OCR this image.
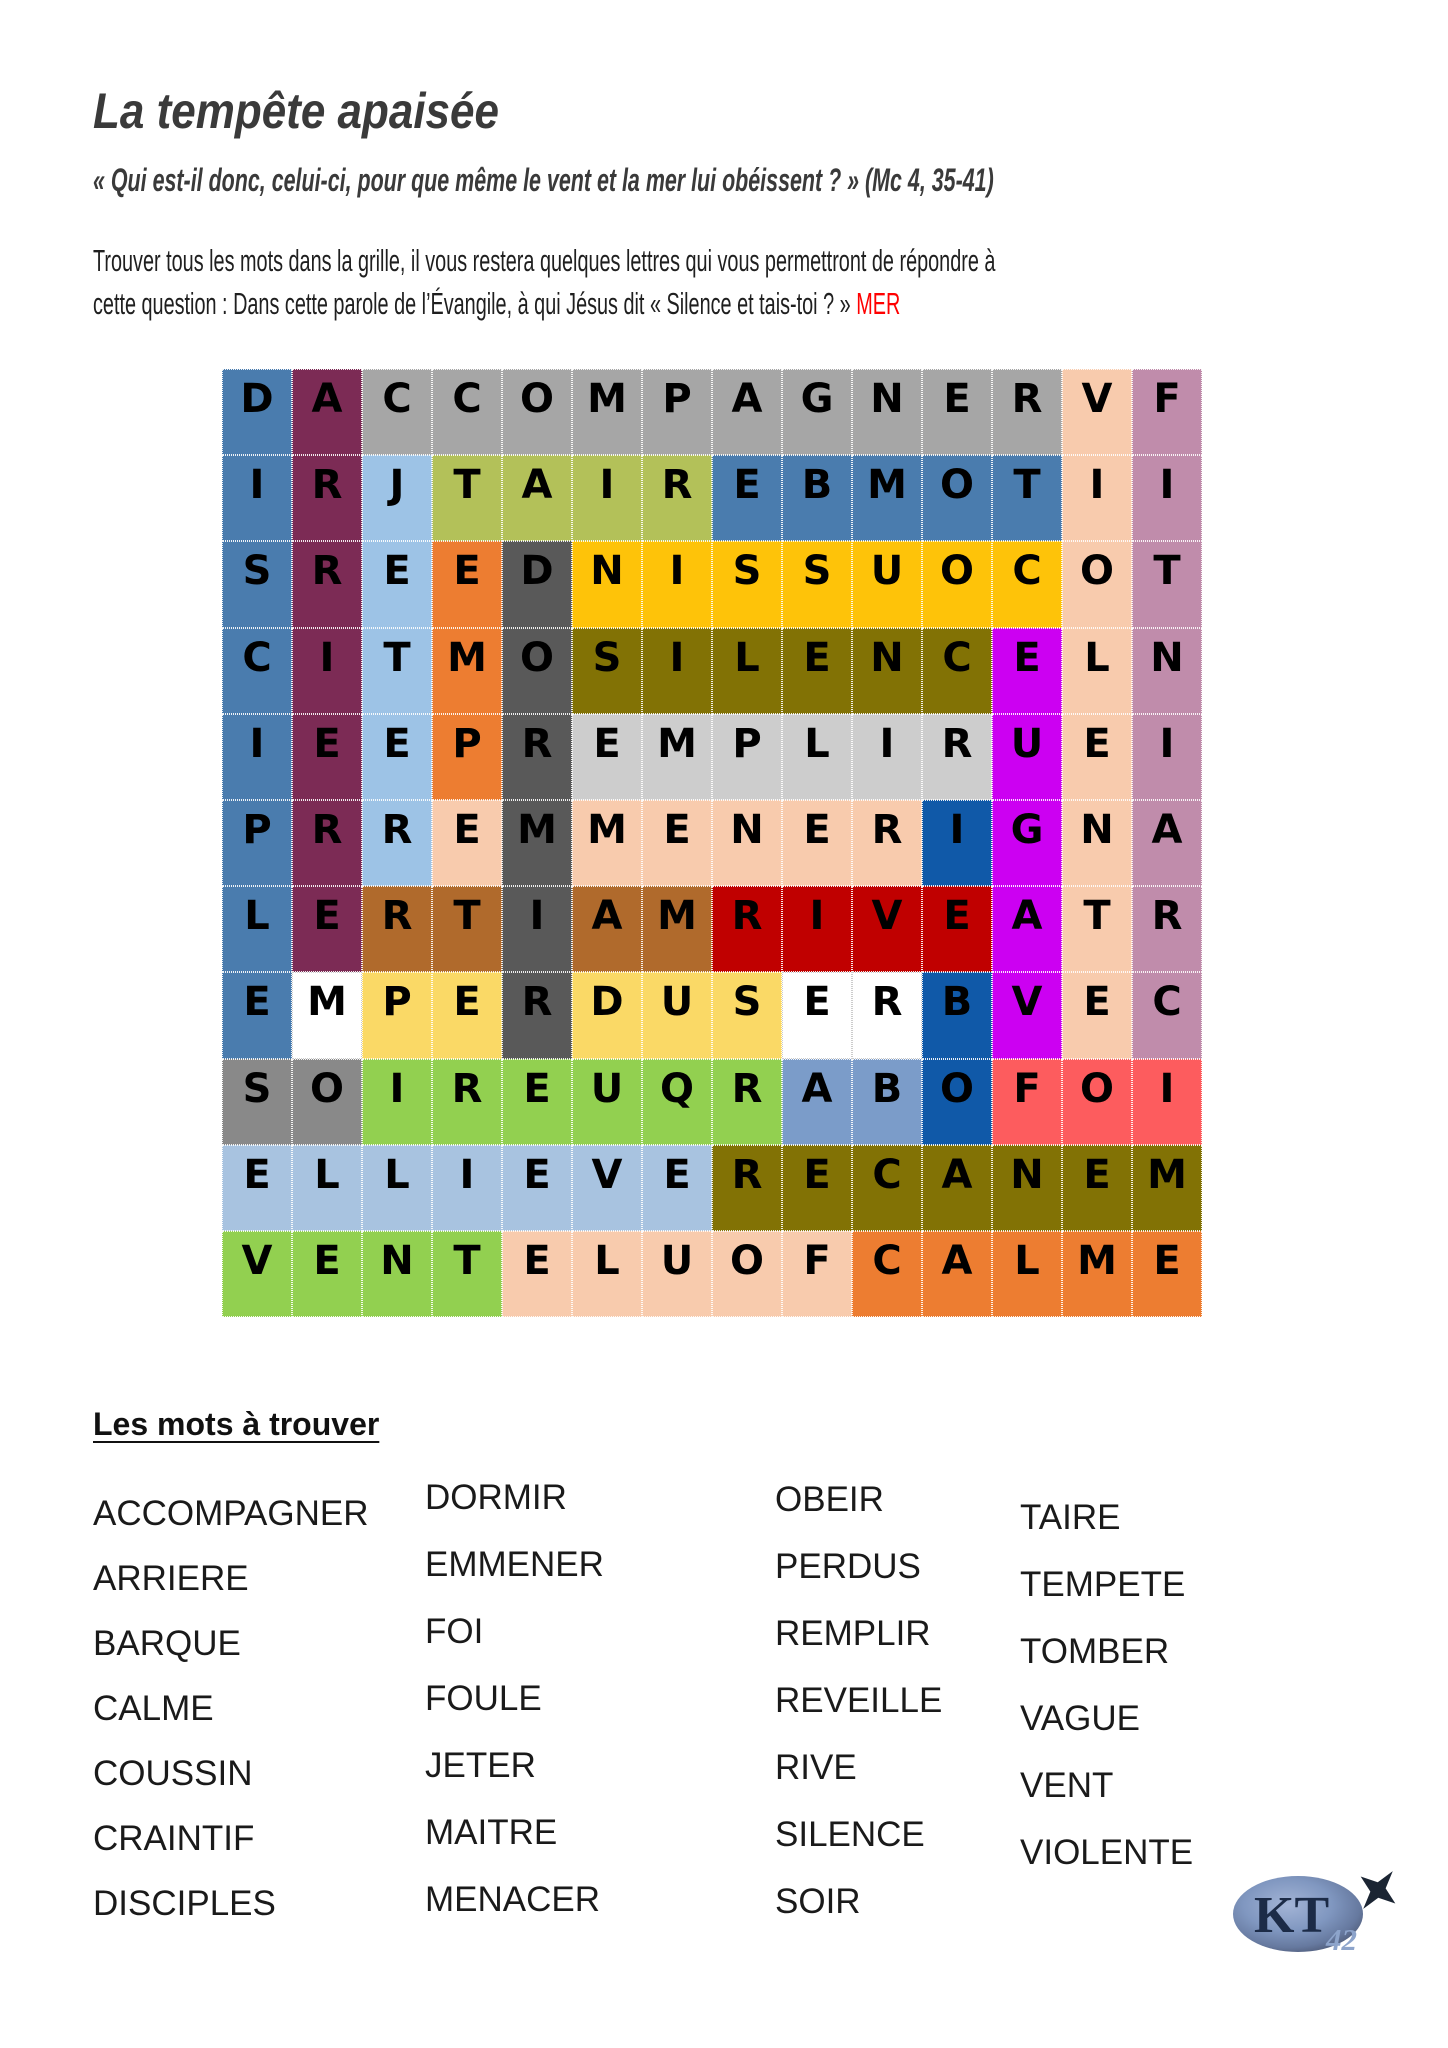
La tempête apaisée
« Qui est-il donc, celui-ci, pour que même le vent et la mer lui obéissent ? » (Mc 4, 35-41)
Trouver tous les mots dans la grille, il vous restera quelques lettres qui vous permettront de répondre à
cette question : Dans cette parole de l’Évangile, à qui Jésus dit « Silence et tais-toi ? » MER
D A C	C O M P A G N E	R V	F
I	R	J	T	A	I	R	E	B M O T	I	I
S	R	E	E D N	I	S	S U O C O T
C	I	T M O S	I	L	E N C	E	L	N
I	E	E	P R	E M P	L	I	R U	E	I
P R R	E M M E N E	R	I	G N A
L	E	R	T	I	A M R	I	V	E	A	T	R
E M P	E	R D U S	E	R B V	E	C
S O	I	R	E	U Q R A B O F O	I
E	L	L	I	E	V	E	R	E	C A N E M
V	E N T	E	L	U O F	C A	L M E
Les mots à trouver
ACCOMPAGNER
ARRIERE
BARQUE
CALME
COUSSIN
CRAINTIF
DISCIPLES
DORMIR
EMMENER
FOI
FOULE
JETER
MAITRE
MENACER
OBEIR
PERDUS
REMPLIR
REVEILLE
RIVE
SILENCE
SOIR
TAIRE
TEMPETE
TOMBER
VAGUE
VENT
VIOLENTE
KT
42
